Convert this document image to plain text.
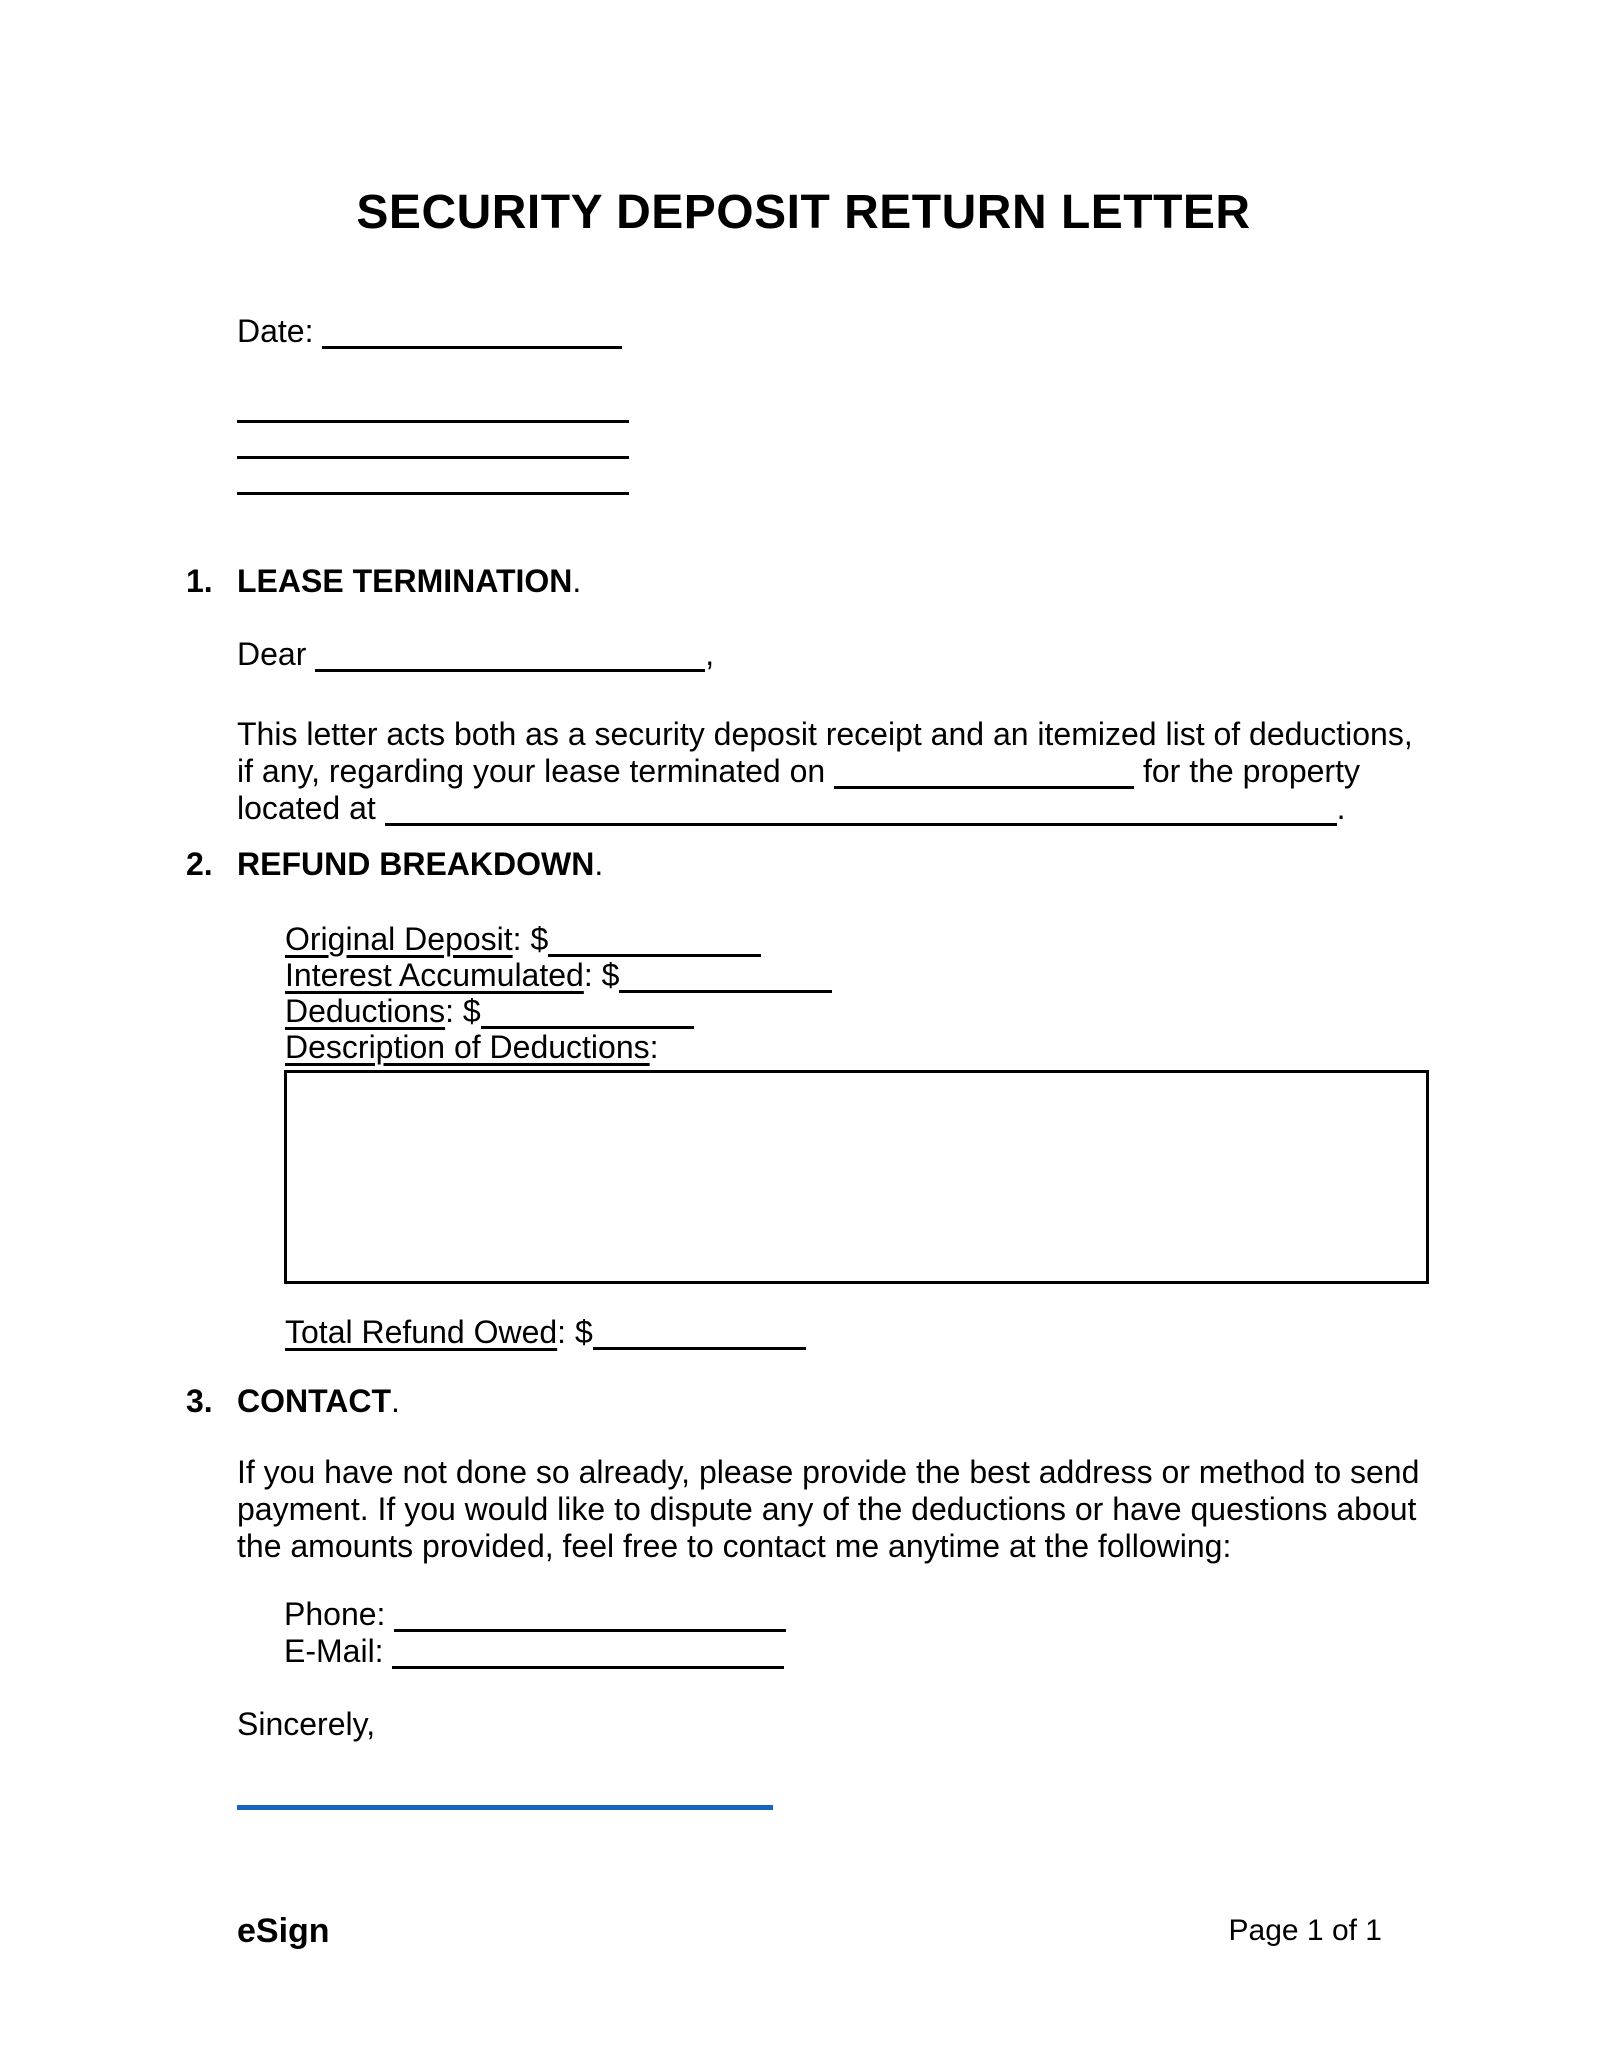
SECURITY DEPOSIT RETURN LETTER
Date:
1. LEASE TERMINATION.
Dear	,
This letter acts both as a security deposit receipt and an itemized list of deductions, if any, regarding your lease terminated on	for the property located at	.
2. REFUND BREAKDOWN.
Original Deposit: $
Interest Accumulated: $
Deductions: $
Description of Deductions:
Total Refund Owed: $
3. CONTACT.
If you have not done so already, please provide the best address or method to send payment. If you would like to dispute any of the deductions or have questions about the amounts provided, feel free to contact me anytime at the following:
Phone:
E-Mail:
Sincerely,
eSign	Page 1 of 1
